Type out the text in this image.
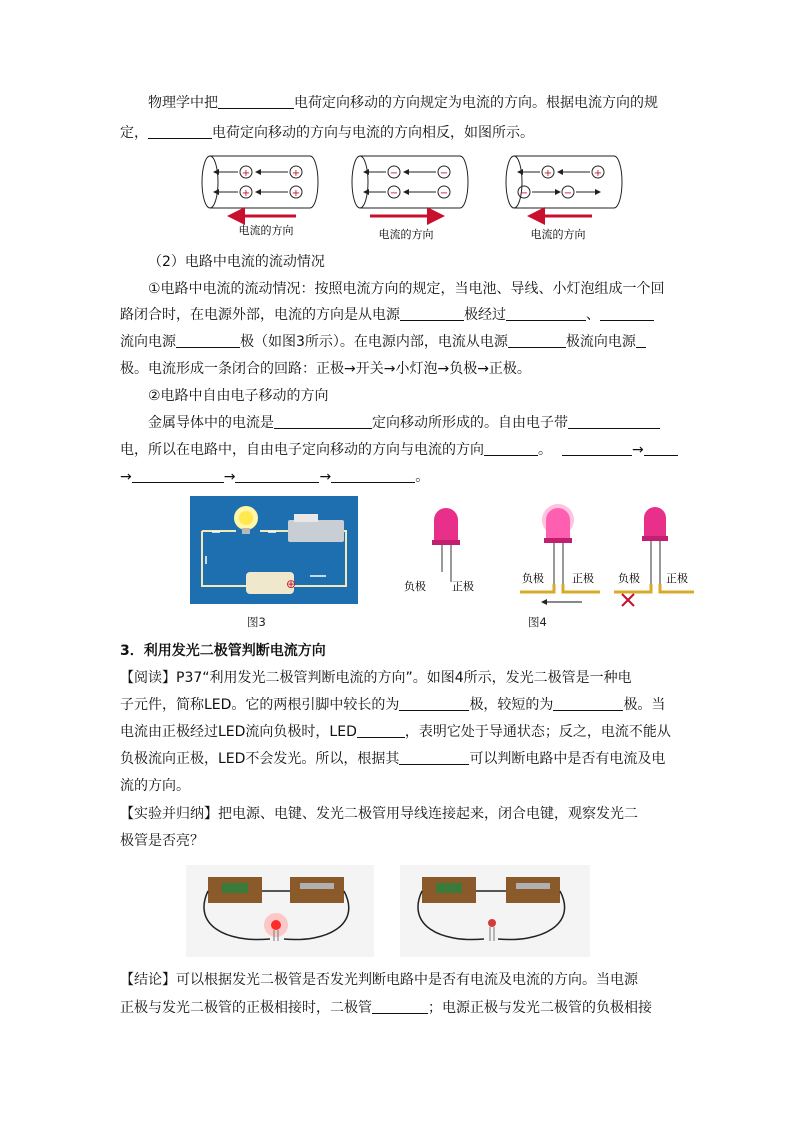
物理学中把	电荷定向移动的方向规定为电流的方向。根据电流方向的规
定，	电荷定向移动的方向与电流的方向相反，如图所示。
+	+
+	+
电流的方向
−	−
−	−
电流的方向
+	+
−	−
电流的方向
（2）电路中电流的流动情况
①电路中电流的流动情况：按照电流方向的规定，当电池、导线、小灯泡组成一个回
路闭合时，在电源外部，电流的方向是从电源	极经过	、
流向电源	极（如图3所示）。在电源内部，电流从电源	极流向电源
极。电流形成一条闭合的回路：正极→开关→小灯泡→负极→正极。
②电路中自由电子移动的方向
金属导体中的电流是	定向移动所形成的。自由电子带
电，所以在电路中，自由电子定向移动的方向与电流的方向	。	→
→	→	→	。
⊕
图3
负极 正极
负极	正极 负极 正极
图4
3．利用发光二极管判断电流方向
【阅读】P37“利用发光二极管判断电流的方向”。如图4所示，发光二极管是一种电
子元件，简称LED。它的两根引脚中较长的为	极，较短的为	极。当
电流由正极经过LED流向负极时，LED	，表明它处于导通状态；反之，电流不能从
负极流向正极，LED不会发光。所以，根据其	可以判断电路中是否有电流及电
流的方向。
【实验并归纳】把电源、电键、发光二极管用导线连接起来，闭合电键，观察发光二
极管是否亮？
【结论】可以根据发光二极管是否发光判断电路中是否有电流及电流的方向。当电源
正极与发光二极管的正极相接时，二极管	；电源正极与发光二极管的负极相接
